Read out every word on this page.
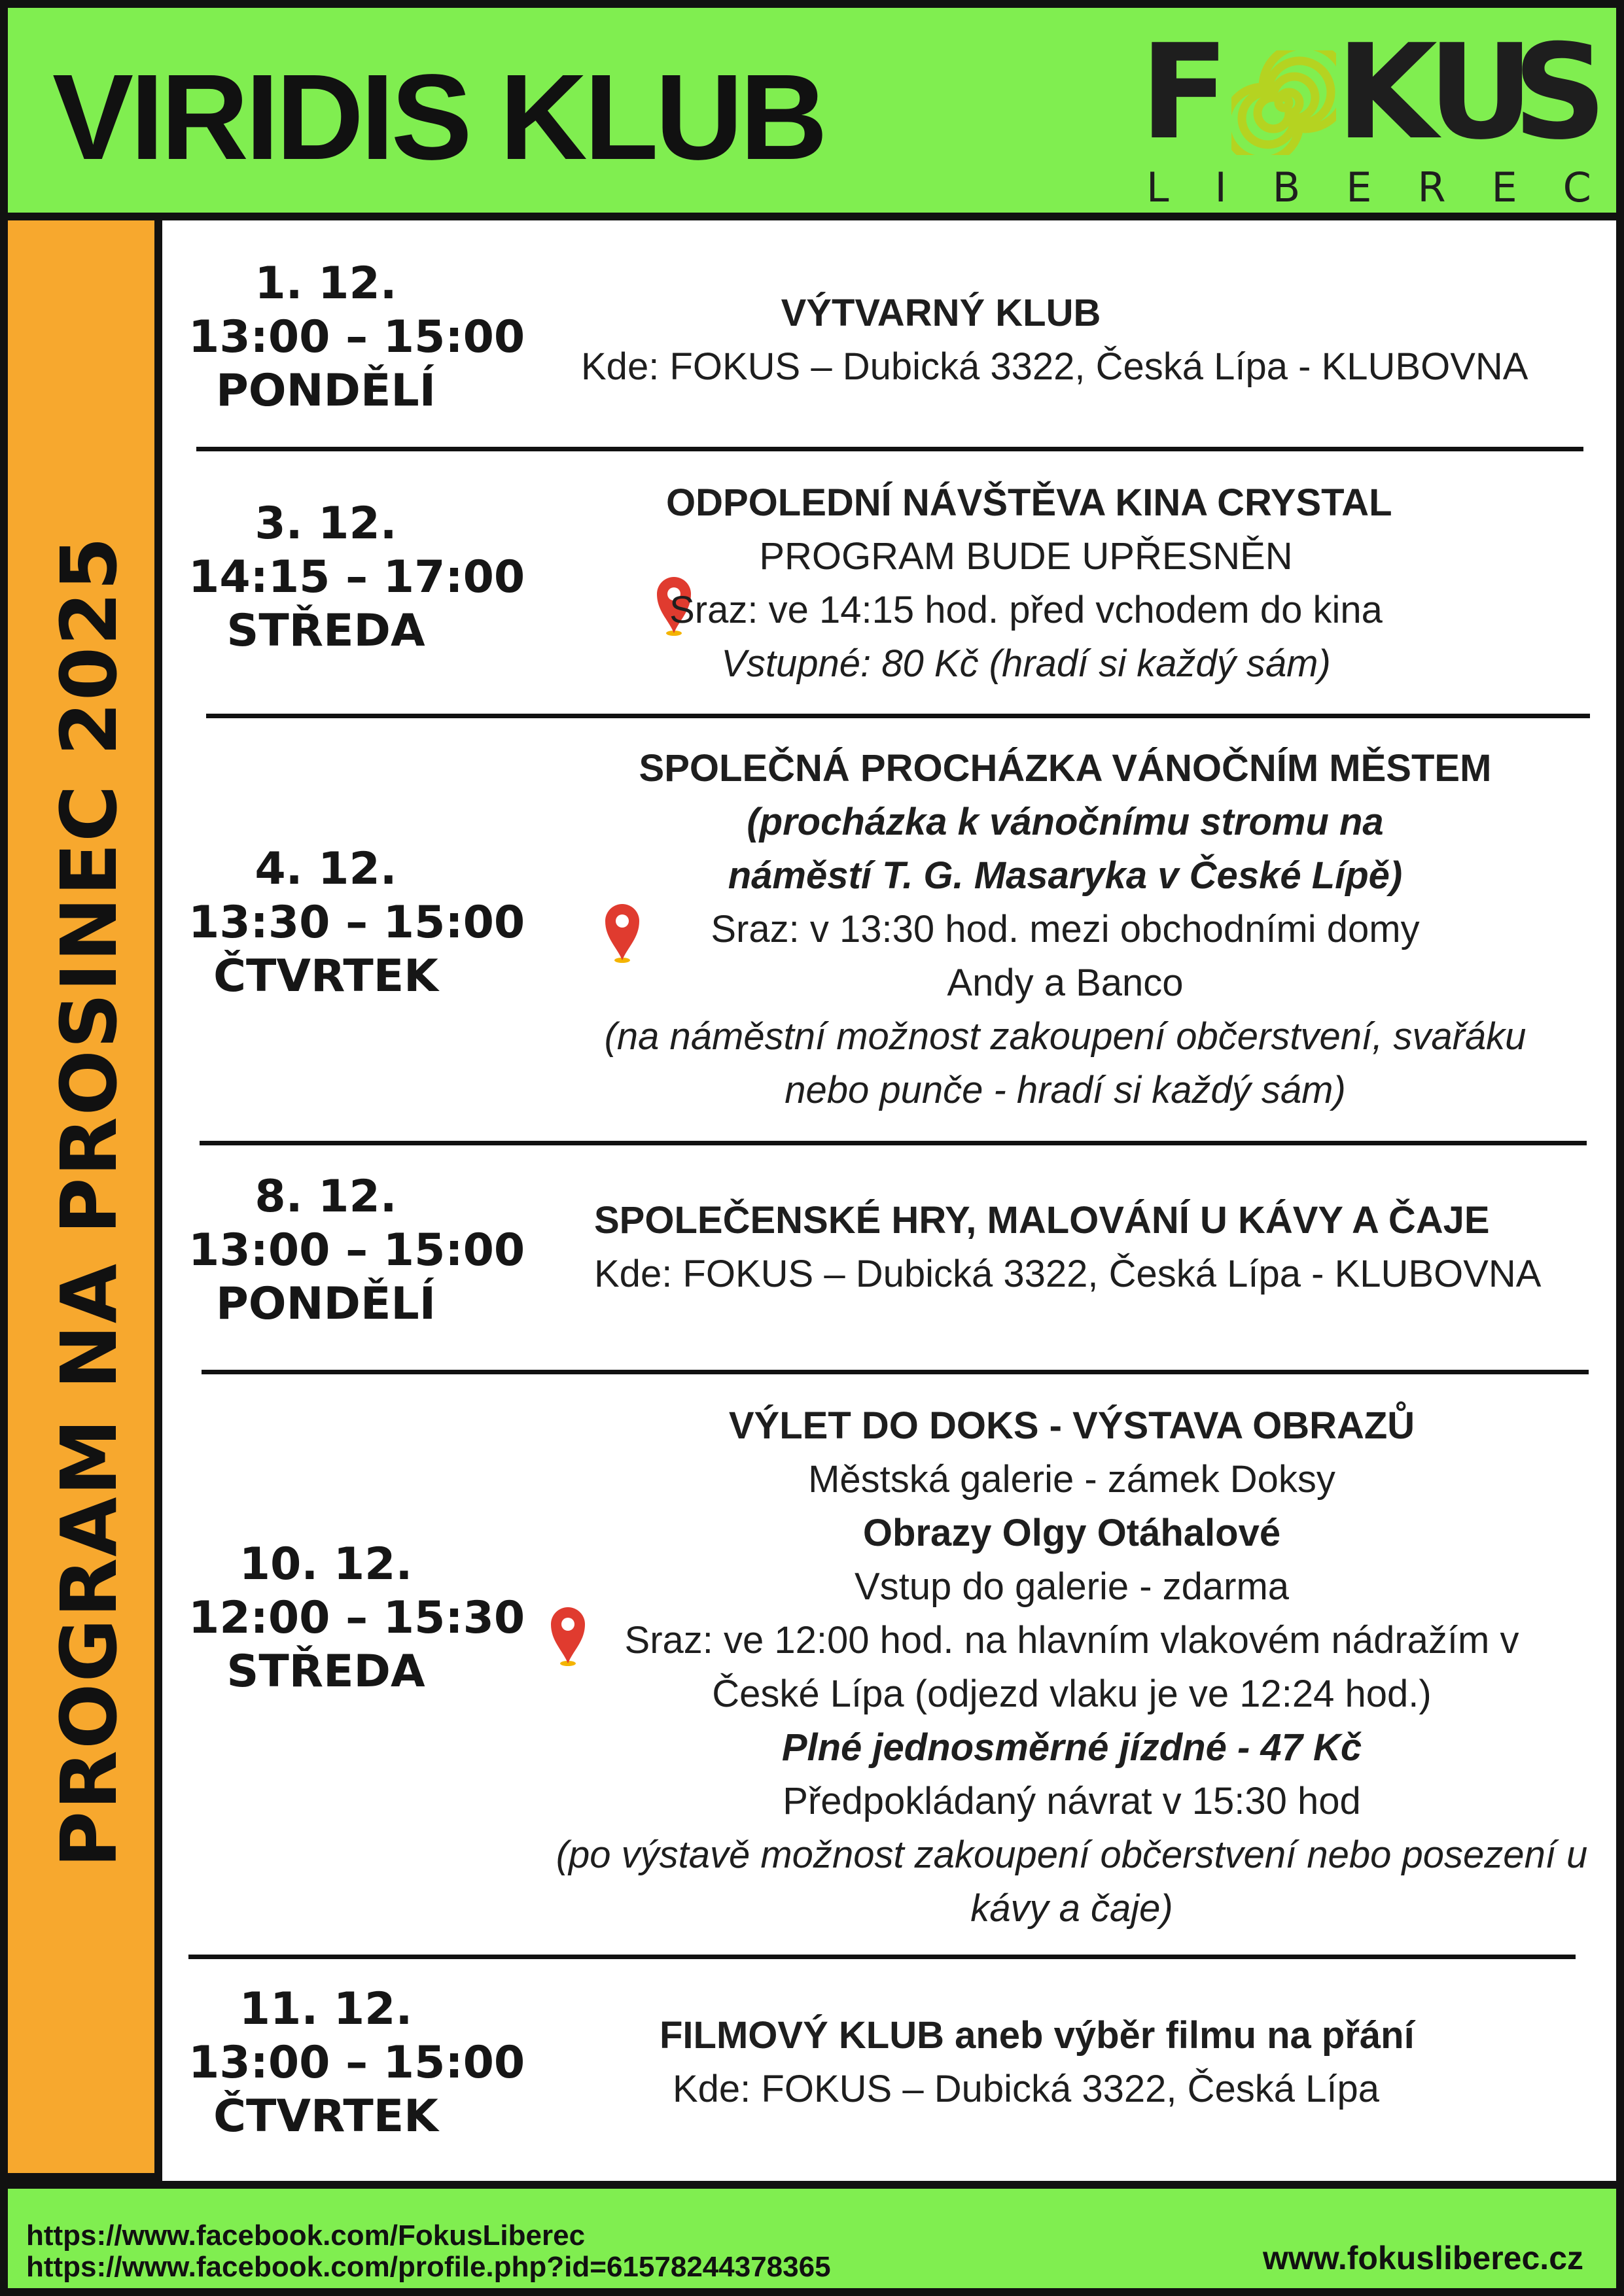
VIRIDIS KLUB F K
U
S
L I B E R E C
PROGRAM NA PROSINEC 2025
1. 12.
13:00 – 15:00
PONDĚLÍ
VÝTVARNÝ KLUB
Kde: FOKUS – Dubická 3322, Česká Lípa - KLUBOVNA
3. 12.
14:15 – 17:00
STŘEDA
ODPOLEDNÍ NÁVŠTĚVA KINA CRYSTAL
PROGRAM BUDE UPŘESNĚN
Sraz: ve 14:15 hod. před vchodem do kina
Vstupné: 80 Kč (hradí si každý sám)
4. 12.
13:30 – 15:00
ČTVRTEK
SPOLEČNÁ PROCHÁZKA VÁNOČNÍM MĚSTEM
(procházka k vánočnímu stromu na
náměstí T. G. Masaryka v České Lípě)
Sraz: v 13:30 hod. mezi obchodními domy
Andy a Banco
(na náměstní možnost zakoupení občerstvení, svařáku
nebo punče - hradí si každý sám)
8. 12.
13:00 – 15:00
PONDĚLÍ
SPOLEČENSKÉ HRY, MALOVÁNÍ U KÁVY A ČAJE
Kde: FOKUS – Dubická 3322, Česká Lípa - KLUBOVNA
10. 12.
12:00 – 15:30
STŘEDA
VÝLET DO DOKS - VÝSTAVA OBRAZŮ
Městská galerie - zámek Doksy
Obrazy Olgy Otáhalové
Vstup do galerie - zdarma
Sraz: ve 12:00 hod. na hlavním vlakovém nádražím v
České Lípa (odjezd vlaku je ve 12:24 hod.)
Plné jednosměrné jízdné - 47 Kč
Předpokládaný návrat v 15:30 hod
(po výstavě možnost zakoupení občerstvení nebo posezení u
kávy a čaje)
11. 12.
13:00 – 15:00
ČTVRTEK
FILMOVÝ KLUB aneb výběr filmu na přání
Kde: FOKUS – Dubická 3322, Česká Lípa
https://www.facebook.com/FokusLiberec
https://www.facebook.com/profile.php?id=61578244378365	www.fokusliberec.cz
